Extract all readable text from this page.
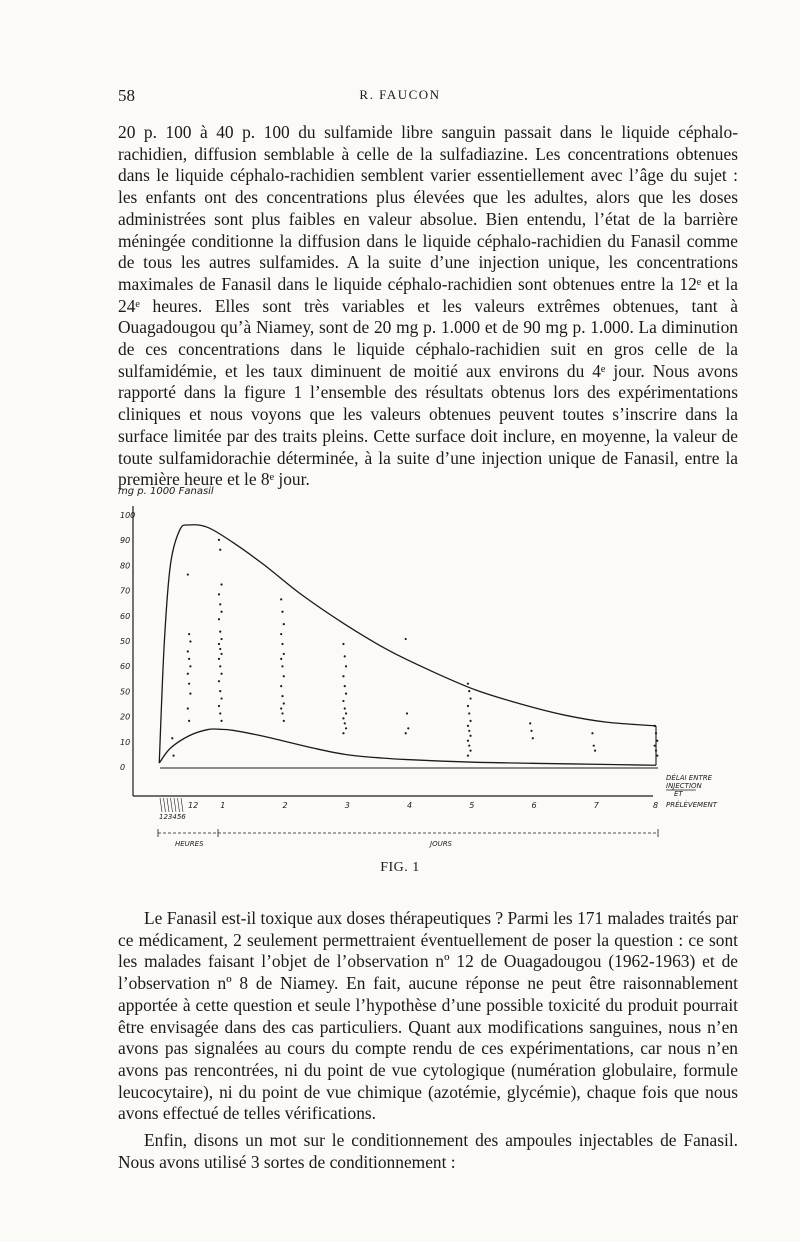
58	R. FAUCON

20 p. 100 à 40 p. 100 du sulfamide libre sanguin passait dans le liquide céphalo-rachidien, diffusion semblable à celle de la sulfadiazine. Les concentrations obtenues dans le liquide céphalo-rachidien semblent varier essentiellement avec l’âge du sujet : les enfants ont des concentrations plus élevées que les adultes, alors que les doses administrées sont plus faibles en valeur absolue. Bien entendu, l’état de la barrière méningée conditionne la diffusion dans le liquide céphalo-rachidien du Fanasil comme de tous les autres sulfamides. A la suite d’une injection unique, les concentrations maximales de Fanasil dans le liquide céphalo-rachidien sont obtenues entre la 12ᵉ et la 24ᵉ heures. Elles sont très variables et les valeurs extrêmes obtenues, tant à Ouagadougou qu’à Niamey, sont de 20 mg p. 1.000 et de 90 mg p. 1.000. La diminution de ces concentrations dans le liquide céphalo-rachidien suit en gros celle de la sulfamidémie, et les taux diminuent de moitié aux environs du 4ᵉ jour. Nous avons rapporté dans la figure 1 l’ensemble des résultats obtenus lors des expérimentations cliniques et nous voyons que les valeurs obtenues peuvent toutes s’inscrire dans la surface limitée par des traits pleins. Cette surface doit inclure, en moyenne, la valeur de toute sulfamidorachie déterminée, à la suite d’une injection unique de Fanasil, entre la première heure et le 8ᵉ jour.

mg p. 1000 Fanasil
DÉLAI ENTRE
INJECTION
ET
PRÉLÈVEMENT
HEURES	JOURS
123456
100
90
80
70
60
50
60
50
20
10
0
12	1	2	3	4	5	6	7	8
FIG. 1

Le Fanasil est-il toxique aux doses thérapeutiques ? Parmi les 171 malades traités par ce médicament, 2 seulement permettraient éventuellement de poser la question : ce sont les malades faisant l’objet de l’observation nº 12 de Ouagadougou (1962-1963) et de l’observation nº 8 de Niamey. En fait, aucune réponse ne peut être raisonnablement apportée à cette question et seule l’hypothèse d’une possible toxicité du produit pourrait être envisagée dans des cas particuliers. Quant aux modifications sanguines, nous n’en avons pas signalées au cours du compte rendu de ces expérimentations, car nous n’en avons pas rencontrées, ni du point de vue cytologique (numération globulaire, formule leucocytaire), ni du point de vue chimique (azotémie, glycémie), chaque fois que nous avons effectué de telles vérifications.

Enfin, disons un mot sur le conditionnement des ampoules injectables de Fanasil. Nous avons utilisé 3 sortes de conditionnement :
